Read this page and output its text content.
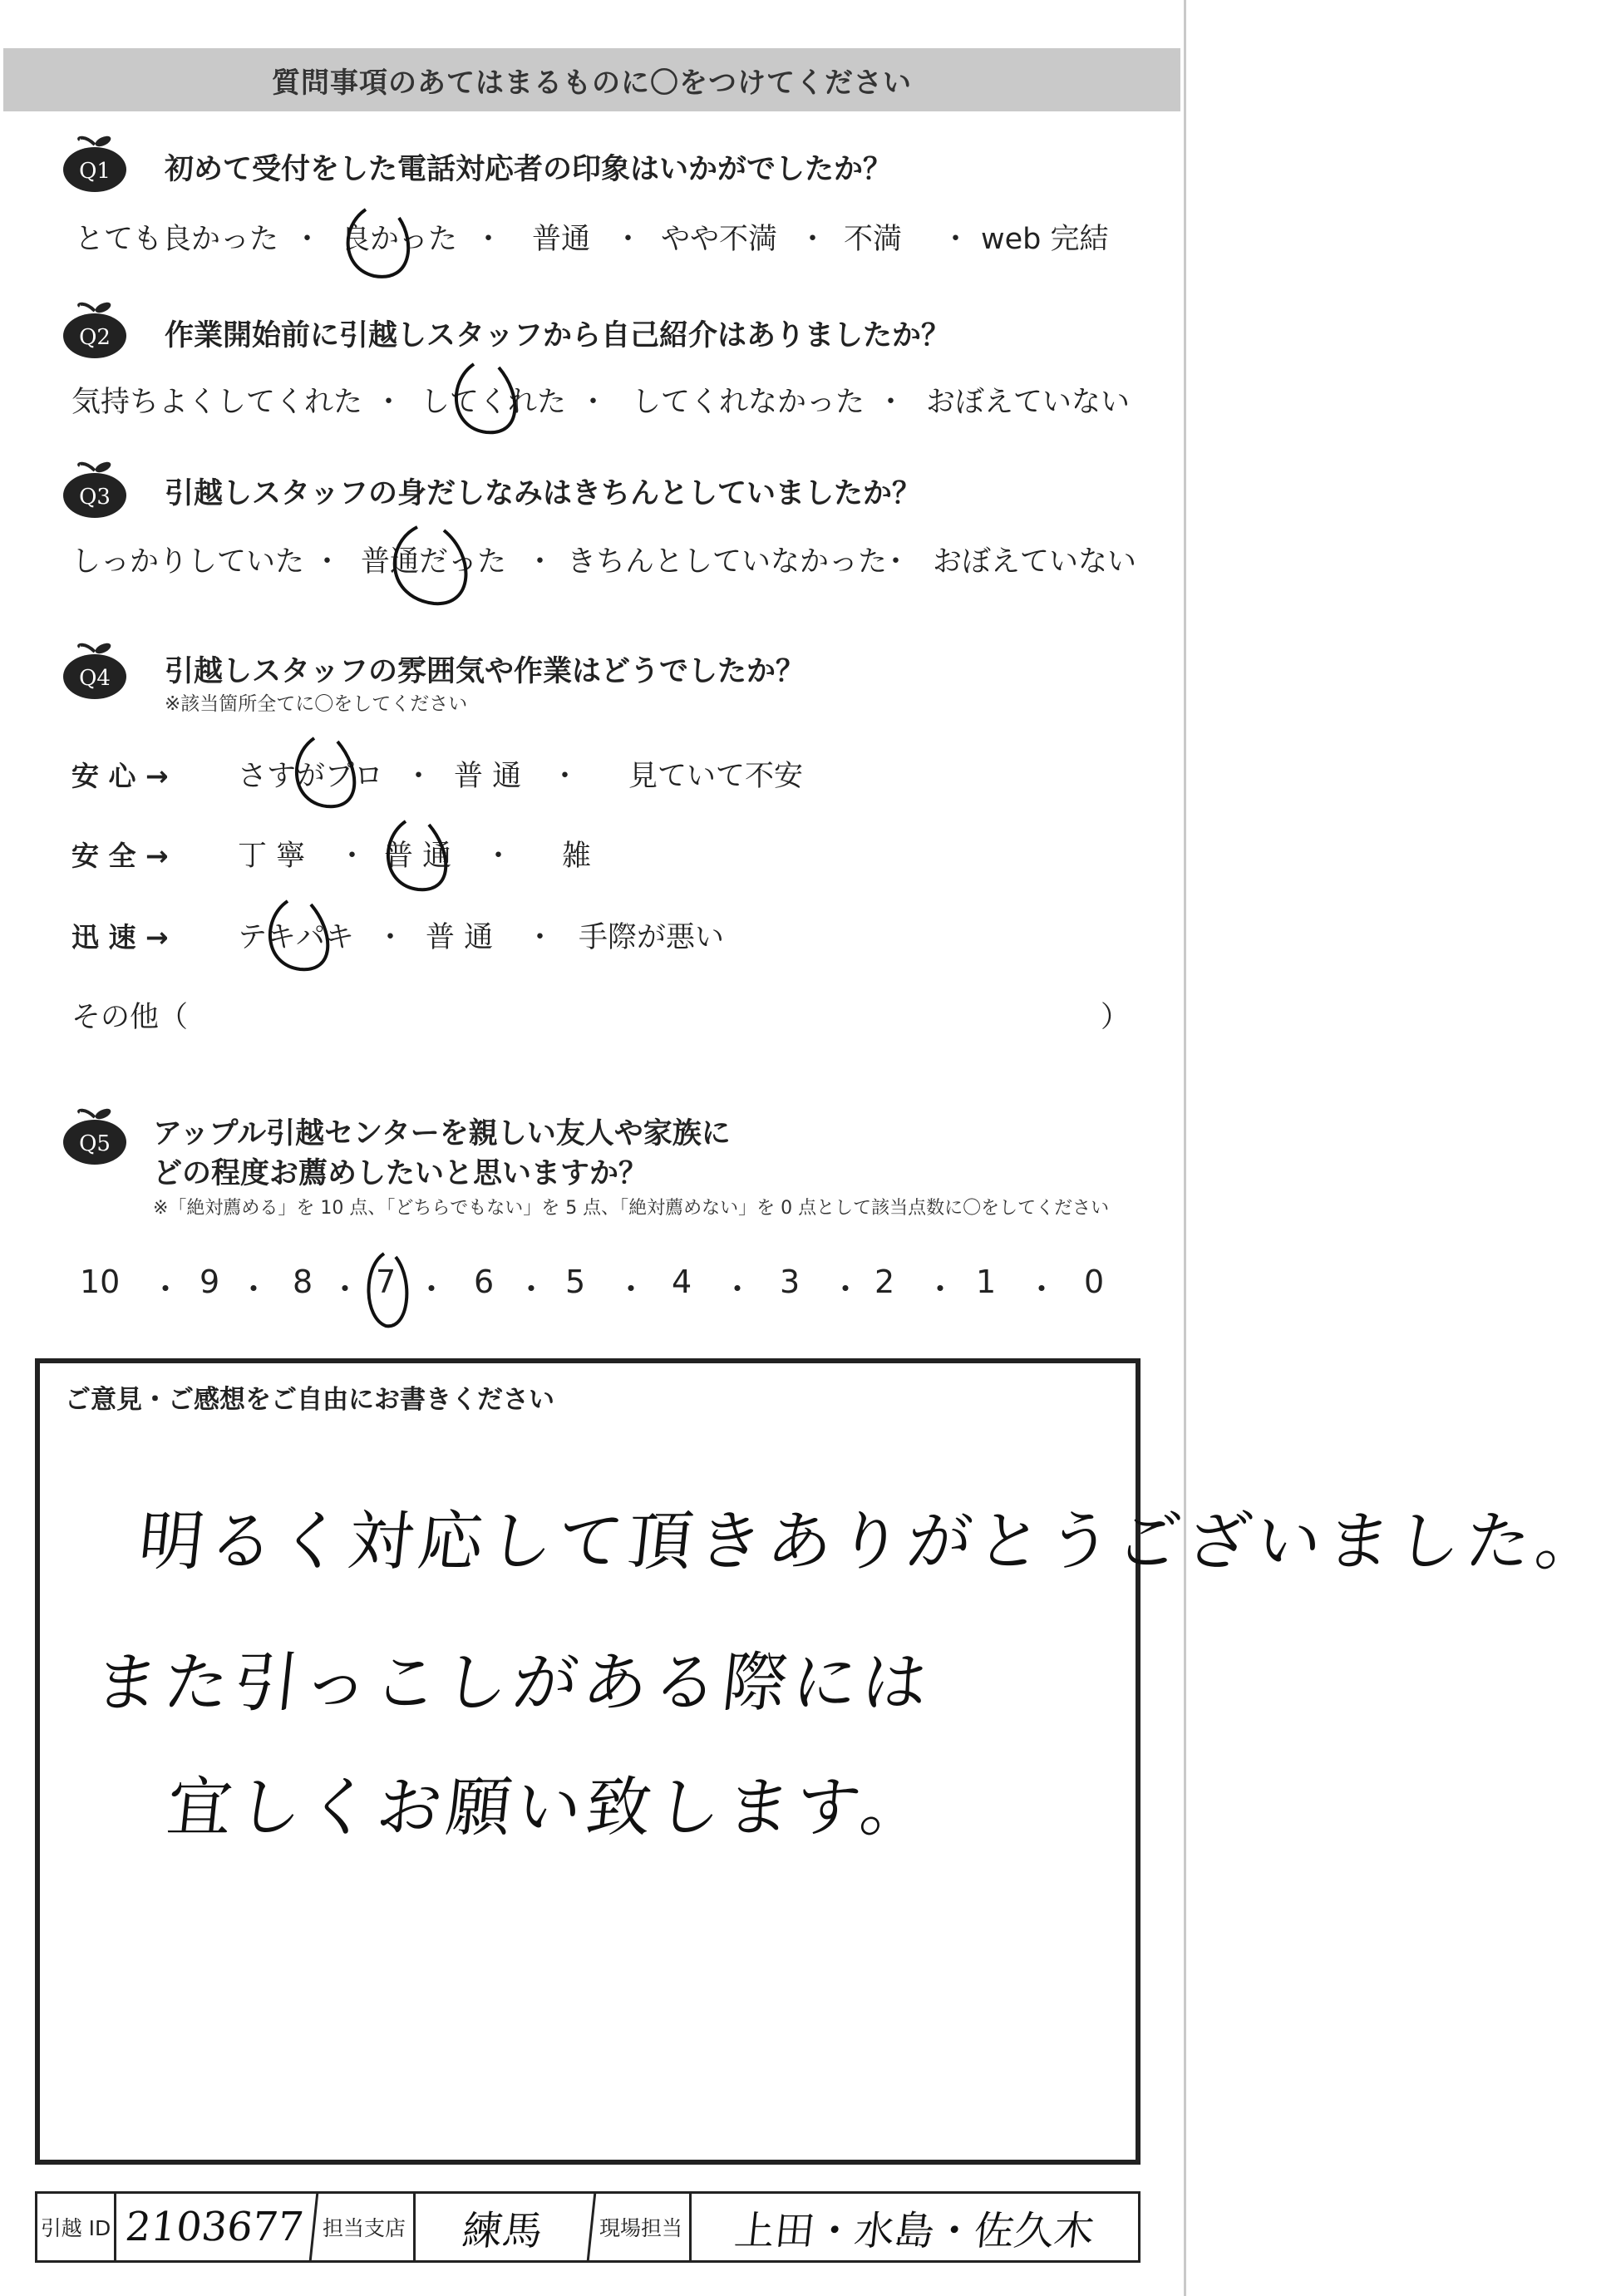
質問事項のあてはまるものに〇をつけてください
Q1 初めて受付をした電話対応者の印象はいかがでしたか？
とても良かった ・ 良かった ・ 普通 ・ やや不満 ・ 不満 ・ web 完結
Q2 作業開始前に引越しスタッフから自己紹介はありましたか？
気持ちよくしてくれた ・ してくれた ・ してくれなかった ・ おぼえていない
Q3 引越しスタッフの身だしなみはきちんとしていましたか？
しっかりしていた ・ 普通だった ・ きちんとしていなかった
・ おぼえていない
Q4 引越しスタッフの雰囲気や作業はどうでしたか？
※該当箇所全てに〇をしてください
安 心 → さすがプロ ・ 普 通 ・ 見ていて不安
安 全 → 丁 寧 ・ 普 通 ・ 雑
迅 速 → テキパキ ・ 普 通 ・ 手際が悪い
その他（	）
Q5 アップル引越センターを親しい友人や家族に
どの程度お薦めしたいと思いますか？
※「絶対薦める」を 10 点、「どちらでもない」を 5 点、「絶対薦めない」を 0 点として該当点数に〇をしてください
10 ・ 9 ・ 8 ・ 7 ・ 6 ・ 5 ・ 4 ・ 3 ・ 2 ・ 1 ・ 0
ご意見・ご感想をご自由にお書きください
明るく対応して頂きありがとうございました。
また引っこしがある際には
宜しくお願い致します。
引越 ID 2103677 担当支店	練馬	現場担当	上田・水島・佐久木
